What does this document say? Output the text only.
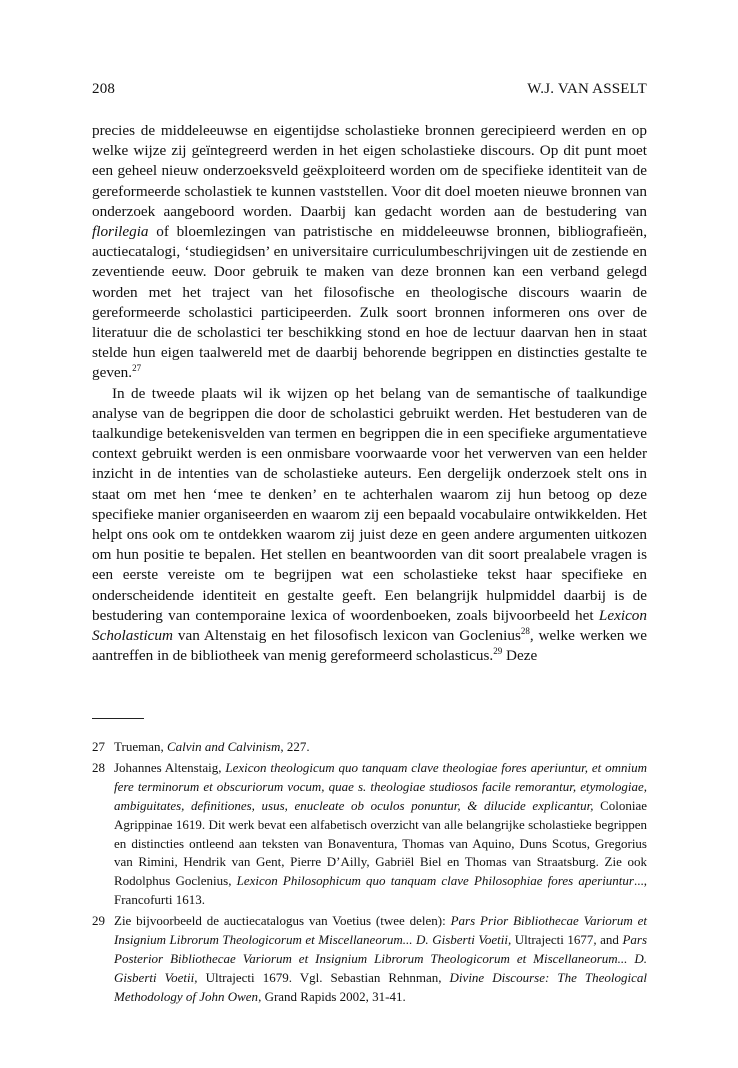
208	W.J. VAN ASSELT

precies de middeleeuwse en eigentijdse scholastieke bronnen gerecipieerd werden en op welke wijze zij geïntegreerd werden in het eigen scholastieke discours. Op dit punt moet een geheel nieuw onderzoeksveld geëxploiteerd worden om de specifieke identiteit van de gereformeerde scholastiek te kunnen vaststellen. Voor dit doel moeten nieuwe bronnen van onderzoek aangeboord worden. Daarbij kan gedacht worden aan de bestudering van florilegia of bloemlezingen van patristische en middeleeuwse bronnen, bibliografieën, auctiecatalogi, ‘studiegidsen’ en universitaire curriculumbeschrijvingen uit de zestiende en zeventiende eeuw. Door gebruik te maken van deze bronnen kan een verband gelegd worden met het traject van het filosofische en theologische discours waarin de gereformeerde scholastici participeerden. Zulk soort bronnen informeren ons over de literatuur die de scholastici ter beschikking stond en hoe de lectuur daarvan hen in staat stelde hun eigen taalwereld met de daarbij behorende begrippen en distincties gestalte te geven.$^{27}$

In de tweede plaats wil ik wijzen op het belang van de semantische of taalkundige analyse van de begrippen die door de scholastici gebruikt werden. Het bestuderen van de taalkundige betekenisvelden van termen en begrippen die in een specifieke argumentatieve context gebruikt werden is een onmisbare voorwaarde voor het verwerven van een helder inzicht in de intenties van de scholastieke auteurs. Een dergelijk onderzoek stelt ons in staat om met hen ‘mee te denken’ en te achterhalen waarom zij hun betoog op deze specifieke manier organiseerden en waarom zij een bepaald vocabulaire ontwikkelden. Het helpt ons ook om te ontdekken waarom zij juist deze en geen andere argumenten uitkozen om hun positie te bepalen. Het stellen en beantwoorden van dit soort prealabele vragen is een eerste vereiste om te begrijpen wat een scholastieke tekst haar specifieke en onderscheidende identiteit en gestalte geeft. Een belangrijk hulpmiddel daarbij is de bestudering van contemporaine lexica of woordenboeken, zoals bijvoorbeeld het Lexicon Scholasticum van Altenstaig en het filosofisch lexicon van Goclenius$^{28}$, welke werken we aantreffen in de bibliotheek van menig gereformeerd scholasticus.$^{29}$ Deze

27 Trueman, Calvin and Calvinism, 227.

28 Johannes Altenstaig, Lexicon theologicum quo tanquam clave theologiae fores aperiuntur, et omnium fere terminorum et obscuriorum vocum, quae s. theologiae studiosos facile remorantur, etymologiae, ambiguitates, definitiones, usus, enucleate ob oculos ponuntur, & dilucide explicantur, Coloniae Agrippinae 1619. Dit werk bevat een alfabetisch overzicht van alle belangrijke scholastieke begrippen en distincties ontleend aan teksten van Bonaventura, Thomas van Aquino, Duns Scotus, Gregorius van Rimini, Hendrik van Gent, Pierre D’Ailly, Gabriël Biel en Thomas van Straatsburg. Zie ook Rodolphus Goclenius, Lexicon Philosophicum quo tanquam clave Philosophiae fores aperiuntur..., Francofurti 1613.

29 Zie bijvoorbeeld de auctiecatalogus van Voetius (twee delen): Pars Prior Bibliothecae Variorum et Insignium Librorum Theologicorum et Miscellaneorum... D. Gisberti Voetii, Ultrajecti 1677, and Pars Posterior Bibliothecae Variorum et Insignium Librorum Theologicorum et Miscellaneorum... D. Gisberti Voetii, Ultrajecti 1679. Vgl. Sebastian Rehnman, Divine Discourse: The Theological Methodology of John Owen, Grand Rapids 2002, 31-41.
